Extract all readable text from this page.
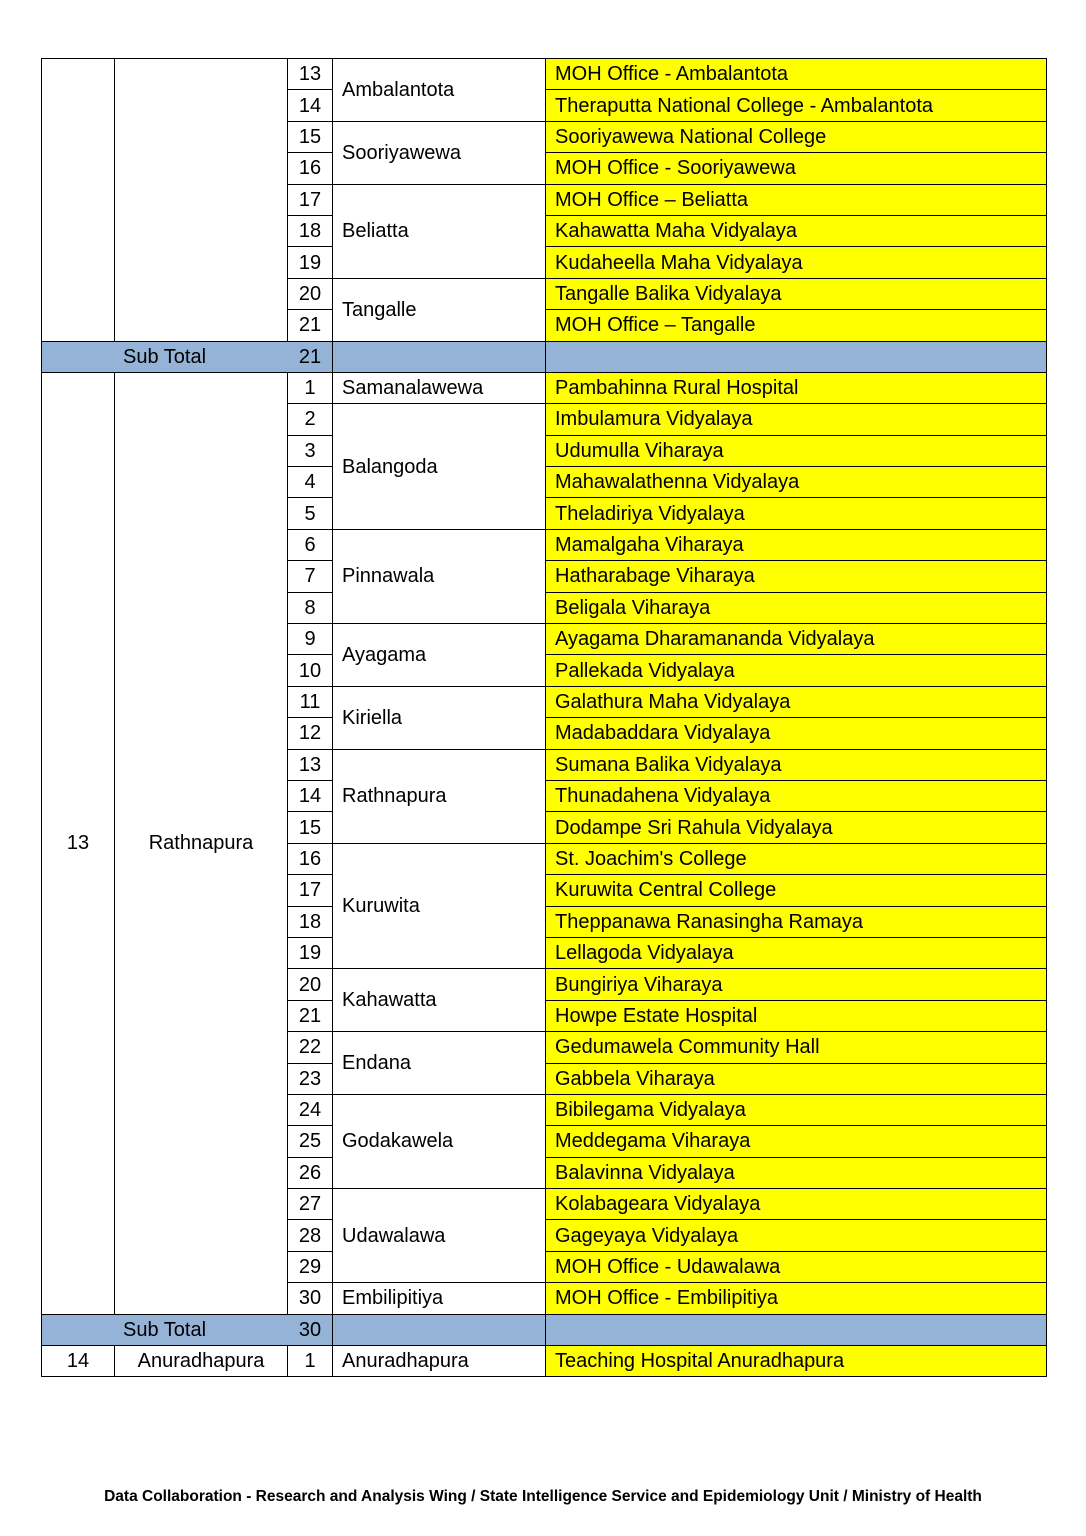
		13	Ambalantota	MOH Office - Ambalantota
		14		Theraputta National College - Ambalantota
		15	Sooriyawewa	Sooriyawewa National College
		16		MOH Office - Sooriyawewa
		17	Beliatta	MOH Office – Beliatta
		18		Kahawatta Maha Vidyalaya
		19		Kudaheella Maha Vidyalaya
		20	Tangalle	Tangalle Balika Vidyalaya
		21		MOH Office – Tangalle
Sub Total		21		
13	Rathnapura	1	Samanalawewa	Pambahinna Rural Hospital
		2	Balangoda	Imbulamura Vidyalaya
		3		Udumulla Viharaya
		4		Mahawalathenna Vidyalaya
		5		Theladiriya Vidyalaya
		6	Pinnawala	Mamalgaha Viharaya
		7		Hatharabage Viharaya
		8		Beligala Viharaya
		9	Ayagama	Ayagama Dharamananda Vidyalaya
		10		Pallekada Vidyalaya
		11	Kiriella	Galathura Maha Vidyalaya
		12		Madabaddara Vidyalaya
		13	Rathnapura	Sumana Balika Vidyalaya
		14		Thunadahena Vidyalaya
		15		Dodampe Sri Rahula Vidyalaya
		16	Kuruwita	St. Joachim's College
		17		Kuruwita Central College
		18		Theppanawa Ranasingha Ramaya
		19		Lellagoda Vidyalaya
		20	Kahawatta	Bungiriya Viharaya
		21		Howpe Estate Hospital
		22	Endana	Gedumawela Community Hall
		23		Gabbela Viharaya
		24	Godakawela	Bibilegama Vidyalaya
		25		Meddegama Viharaya
		26		Balavinna Vidyalaya
		27	Udawalawa	Kolabageara Vidyalaya
		28		Gageyaya Vidyalaya
		29		MOH Office - Udawalawa
		30	Embilipitiya	MOH Office - Embilipitiya
Sub Total		30		
14	Anuradhapura	1	Anuradhapura	Teaching Hospital Anuradhapura
Data Collaboration - Research and Analysis Wing / State Intelligence Service and Epidemiology Unit / Ministry of Health
